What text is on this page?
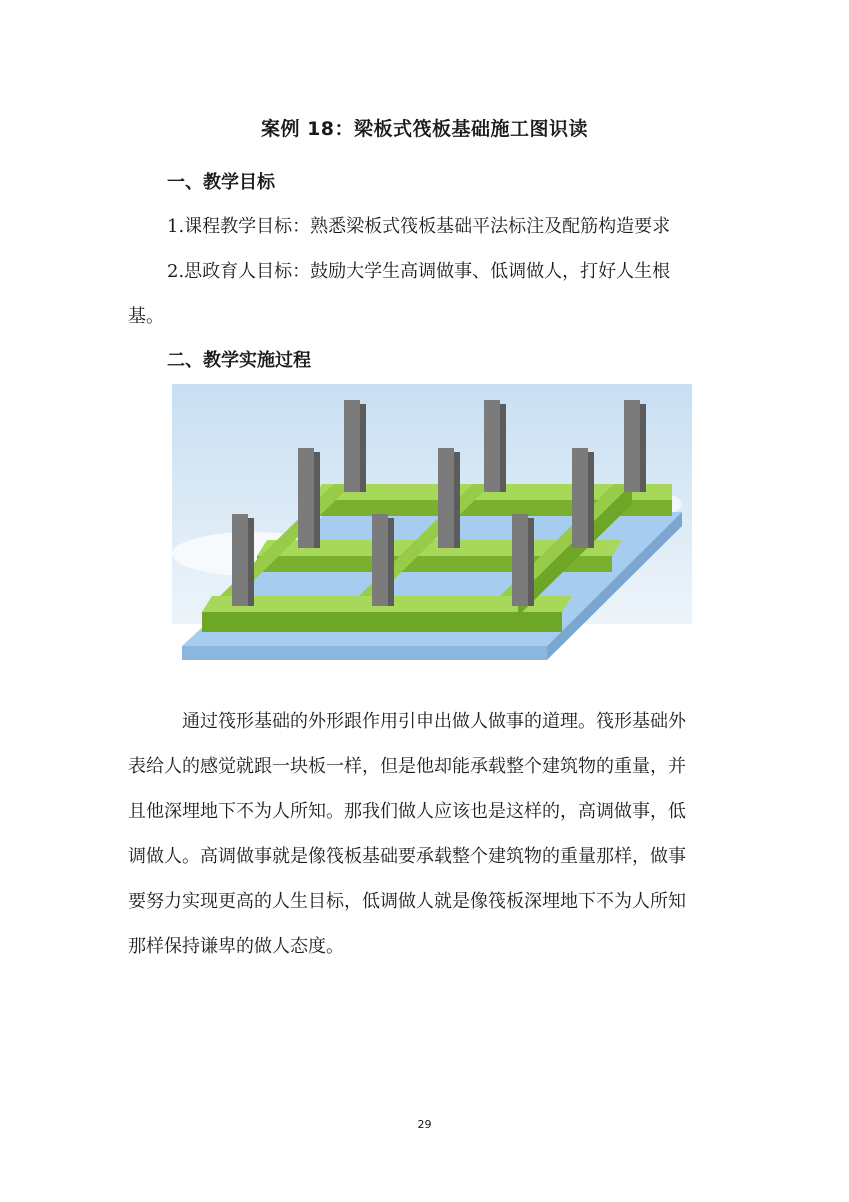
案例 18：梁板式筏板基础施工图识读
一、教学目标
1.课程教学目标：熟悉梁板式筏板基础平法标注及配筋构造要求
2.思政育人目标：鼓励大学生高调做事、低调做人，打好人生根
基。
二、教学实施过程
通过筏形基础的外形跟作用引申出做人做事的道理。筏形基础外
表给人的感觉就跟一块板一样，但是他却能承载整个建筑物的重量，并
且他深埋地下不为人所知。那我们做人应该也是这样的，高调做事，低
调做人。高调做事就是像筏板基础要承载整个建筑物的重量那样，做事
要努力实现更高的人生目标，低调做人就是像筏板深埋地下不为人所知
那样保持谦卑的做人态度。
29
